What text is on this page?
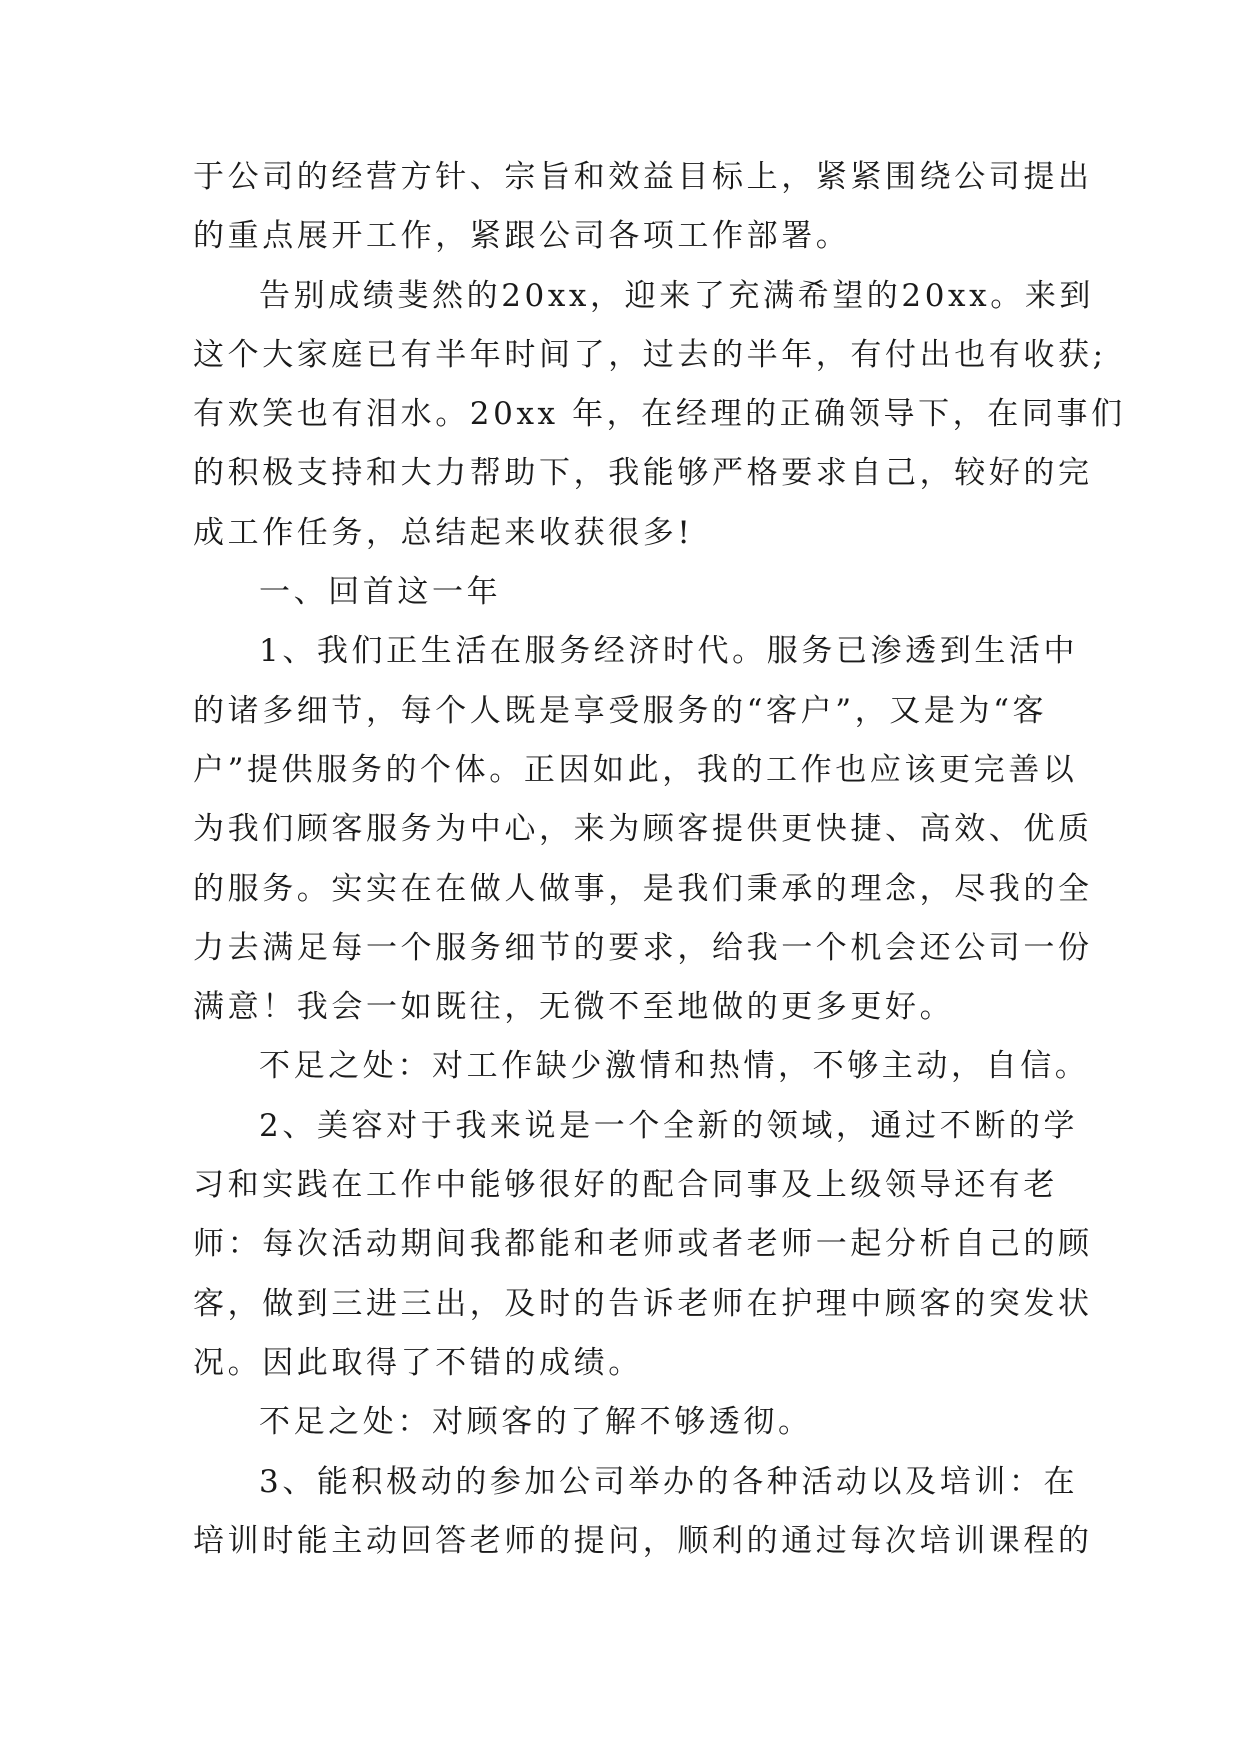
于公司的经营方针、宗旨和效益目标上，紧紧围绕公司提出
的重点展开工作，紧跟公司各项工作部署。
告别成绩斐然的20xx，迎来了充满希望的20xx。来到
这个大家庭已有半年时间了，过去的半年，有付出也有收获;
有欢笑也有泪水。20xx 年，在经理的正确领导下，在同事们
的积极支持和大力帮助下，我能够严格要求自己，较好的完
成工作任务，总结起来收获很多!
一、回首这一年
1、我们正生活在服务经济时代。服务已渗透到生活中
的诸多细节，每个人既是享受服务的“客户”，又是为“客
户”提供服务的个体。正因如此，我的工作也应该更完善以
为我们顾客服务为中心，来为顾客提供更快捷、高效、优质
的服务。实实在在做人做事，是我们秉承的理念，尽我的全
力去满足每一个服务细节的要求，给我一个机会还公司一份
满意！我会一如既往，无微不至地做的更多更好。
不足之处：对工作缺少激情和热情，不够主动，自信。
2、美容对于我来说是一个全新的领域，通过不断的学
习和实践在工作中能够很好的配合同事及上级领导还有老
师：每次活动期间我都能和老师或者老师一起分析自己的顾
客，做到三进三出，及时的告诉老师在护理中顾客的突发状
况。因此取得了不错的成绩。
不足之处：对顾客的了解不够透彻。
3、能积极动的参加公司举办的各种活动以及培训：在
培训时能主动回答老师的提问，顺利的通过每次培训课程的
